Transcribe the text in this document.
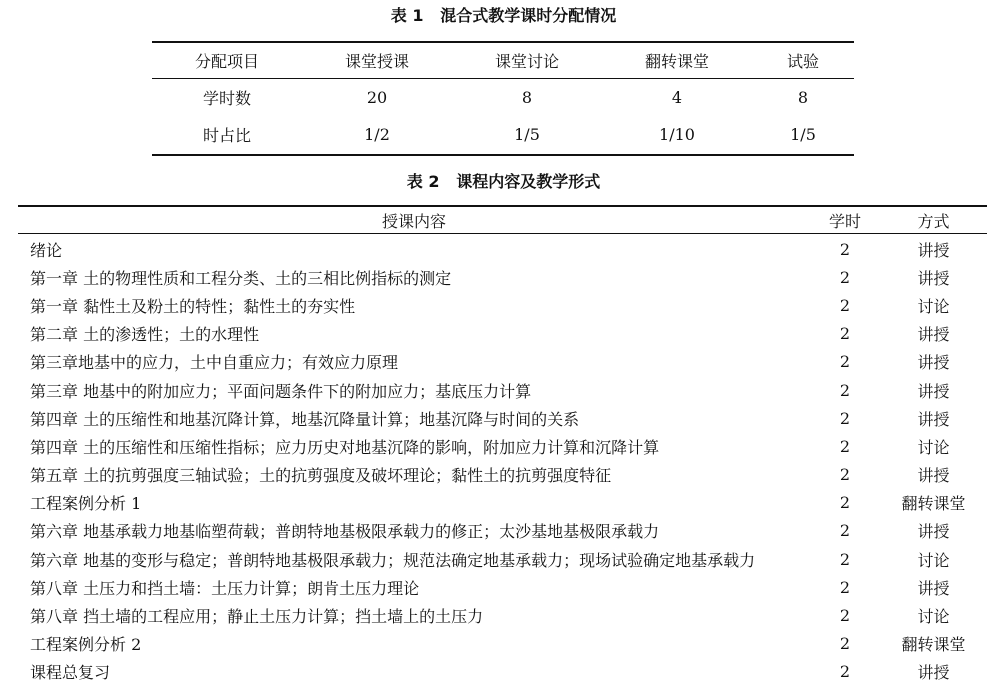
表 1   混合式教学课时分配情况
分配项目	课堂授课	课堂讨论	翻转课堂	试验
学时数	20	8	4	8
时占比	1/2	1/5	1/10	1/5
表 2   课程内容及教学形式
授课内容	学时	方式
绪论	2	讲授
第一章 土的物理性质和工程分类、土的三相比例指标的测定	2	讲授
第一章 黏性土及粉土的特性；黏性土的夯实性	2	讨论
第二章 土的渗透性；土的水理性	2	讲授
第三章地基中的应力，土中自重应力；有效应力原理	2	讲授
第三章 地基中的附加应力；平面问题条件下的附加应力；基底压力计算	2	讲授
第四章 土的压缩性和地基沉降计算，地基沉降量计算；地基沉降与时间的关系	2	讲授
第四章 土的压缩性和压缩性指标；应力历史对地基沉降的影响，附加应力计算和沉降计算	2	讨论
第五章 土的抗剪强度三轴试验；土的抗剪强度及破坏理论；黏性土的抗剪强度特征	2	讲授
工程案例分析 1	2	翻转课堂
第六章 地基承载力地基临塑荷载；普朗特地基极限承载力的修正；太沙基地基极限承载力	2	讲授
第六章 地基的变形与稳定；普朗特地基极限承载力；规范法确定地基承载力；现场试验确定地基承载力	2	讨论
第八章 土压力和挡土墙：土压力计算；朗肯土压力理论	2	讲授
第八章 挡土墙的工程应用；静止土压力计算；挡土墙上的土压力	2	讨论
工程案例分析 2	2	翻转课堂
课程总复习	2	讲授
